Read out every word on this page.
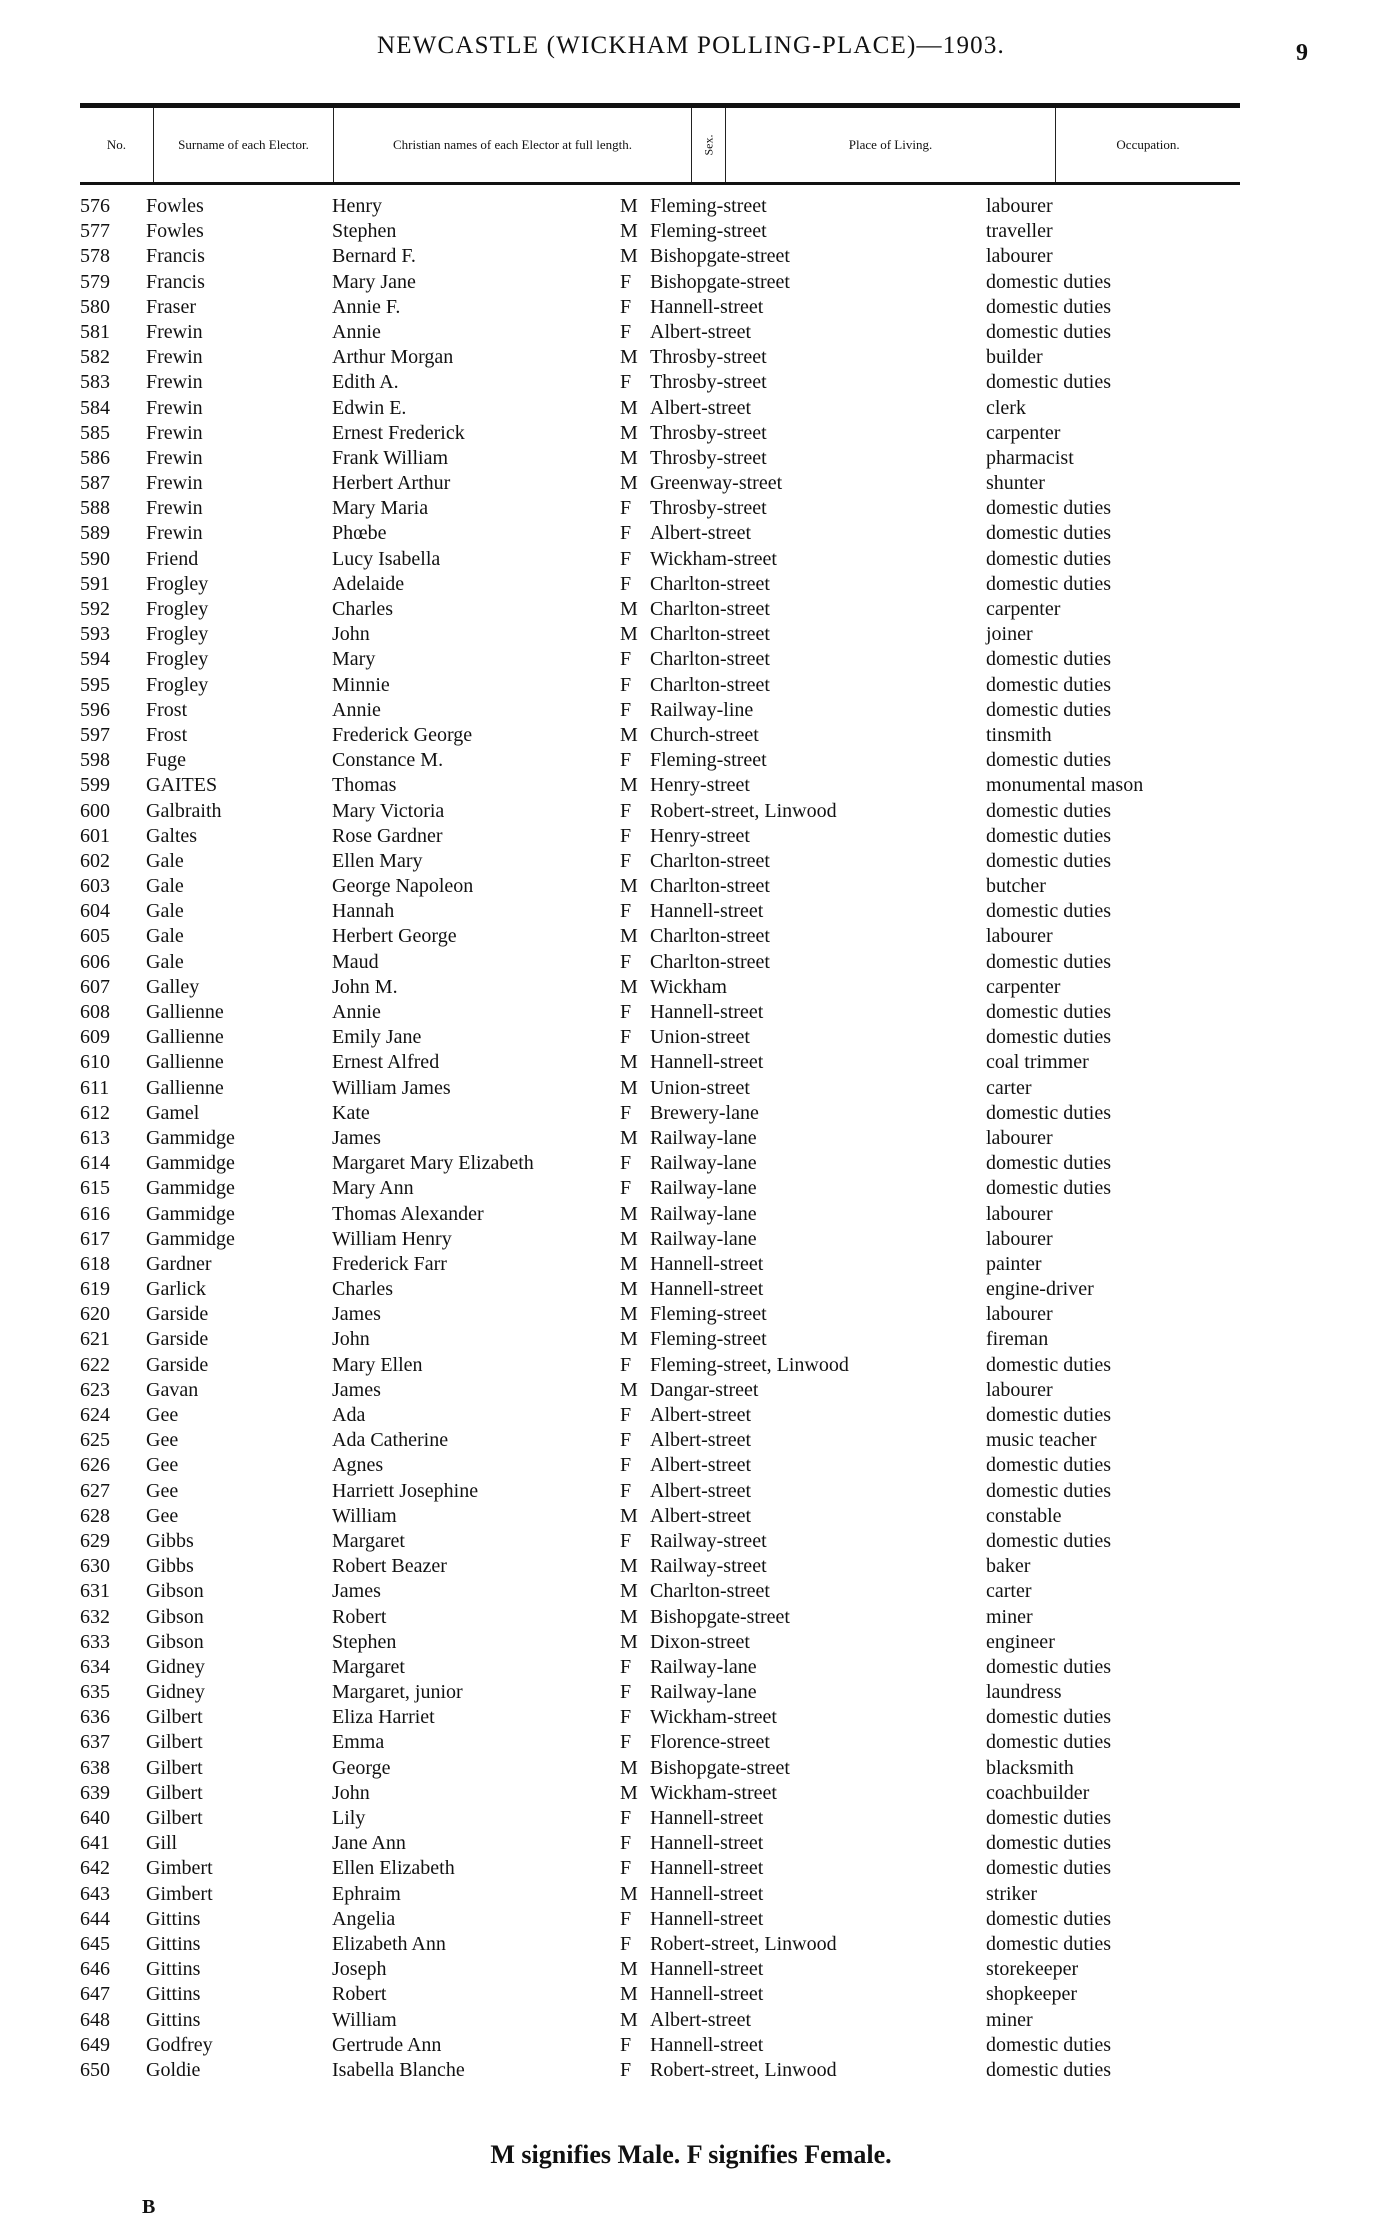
NEWCASTLE (WICKHAM POLLING-PLACE)—1903.	9
No.	Surname of each Elector.	Christian names of each Elector at full length.	Sex.	Place of Living.	Occupation.
576	Fowles	Henry	M Fleming-street	labourer
577	Fowles	Stephen	M Fleming-street	traveller
578	Francis	Bernard F.	M Bishopgate-street	labourer
579	Francis	Mary Jane	F Bishopgate-street	domestic duties
580	Fraser	Annie F.	F Hannell-street	domestic duties
581	Frewin	Annie	F Albert-street	domestic duties
582	Frewin	Arthur Morgan	M Throsby-street	builder
583	Frewin	Edith A.	F Throsby-street	domestic duties
584	Frewin	Edwin E.	M Albert-street	clerk
585	Frewin	Ernest Frederick	M Throsby-street	carpenter
586	Frewin	Frank William	M Throsby-street	pharmacist
587	Frewin	Herbert Arthur	M Greenway-street	shunter
588	Frewin	Mary Maria	F Throsby-street	domestic duties
589	Frewin	Phœbe	F Albert-street	domestic duties
590	Friend	Lucy Isabella	F Wickham-street	domestic duties
591	Frogley	Adelaide	F Charlton-street	domestic duties
592	Frogley	Charles	M Charlton-street	carpenter
593	Frogley	John	M Charlton-street	joiner
594	Frogley	Mary	F Charlton-street	domestic duties
595	Frogley	Minnie	F Charlton-street	domestic duties
596	Frost	Annie	F Railway-line	domestic duties
597	Frost	Frederick George	M Church-street	tinsmith
598	Fuge	Constance M.	F Fleming-street	domestic duties
599	GAITES	Thomas	M Henry-street	monumental mason
600	Galbraith	Mary Victoria	F Robert-street, Linwood	domestic duties
601	Galtes	Rose Gardner	F Henry-street	domestic duties
602	Gale	Ellen Mary	F Charlton-street	domestic duties
603	Gale	George Napoleon	M Charlton-street	butcher
604	Gale	Hannah	F Hannell-street	domestic duties
605	Gale	Herbert George	M Charlton-street	labourer
606	Gale	Maud	F Charlton-street	domestic duties
607	Galley	John M.	M Wickham	carpenter
608	Gallienne	Annie	F Hannell-street	domestic duties
609	Gallienne	Emily Jane	F Union-street	domestic duties
610	Gallienne	Ernest Alfred	M Hannell-street	coal trimmer
611	Gallienne	William James	M Union-street	carter
612	Gamel	Kate	F Brewery-lane	domestic duties
613	Gammidge	James	M Railway-lane	labourer
614	Gammidge	Margaret Mary Elizabeth	F Railway-lane	domestic duties
615	Gammidge	Mary Ann	F Railway-lane	domestic duties
616	Gammidge	Thomas Alexander	M Railway-lane	labourer
617	Gammidge	William Henry	M Railway-lane	labourer
618	Gardner	Frederick Farr	M Hannell-street	painter
619	Garlick	Charles	M Hannell-street	engine-driver
620	Garside	James	M Fleming-street	labourer
621	Garside	John	M Fleming-street	fireman
622	Garside	Mary Ellen	F Fleming-street, Linwood	domestic duties
623	Gavan	James	M Dangar-street	labourer
624	Gee	Ada	F Albert-street	domestic duties
625	Gee	Ada Catherine	F Albert-street	music teacher
626	Gee	Agnes	F Albert-street	domestic duties
627	Gee	Harriett Josephine	F Albert-street	domestic duties
628	Gee	William	M Albert-street	constable
629	Gibbs	Margaret	F Railway-street	domestic duties
630	Gibbs	Robert Beazer	M Railway-street	baker
631	Gibson	James	M Charlton-street	carter
632	Gibson	Robert	M Bishopgate-street	miner
633	Gibson	Stephen	M Dixon-street	engineer
634	Gidney	Margaret	F Railway-lane	domestic duties
635	Gidney	Margaret, junior	F Railway-lane	laundress
636	Gilbert	Eliza Harriet	F Wickham-street	domestic duties
637	Gilbert	Emma	F Florence-street	domestic duties
638	Gilbert	George	M Bishopgate-street	blacksmith
639	Gilbert	John	M Wickham-street	coachbuilder
640	Gilbert	Lily	F Hannell-street	domestic duties
641	Gill	Jane Ann	F Hannell-street	domestic duties
642	Gimbert	Ellen Elizabeth	F Hannell-street	domestic duties
643	Gimbert	Ephraim	M Hannell-street	striker
644	Gittins	Angelia	F Hannell-street	domestic duties
645	Gittins	Elizabeth Ann	F Robert-street, Linwood	domestic duties
646	Gittins	Joseph	M Hannell-street	storekeeper
647	Gittins	Robert	M Hannell-street	shopkeeper
648	Gittins	William	M Albert-street	miner
649	Godfrey	Gertrude Ann	F Hannell-street	domestic duties
650	Goldie	Isabella Blanche	F Robert-street, Linwood	domestic duties
M signifies Male. F signifies Female.
B
